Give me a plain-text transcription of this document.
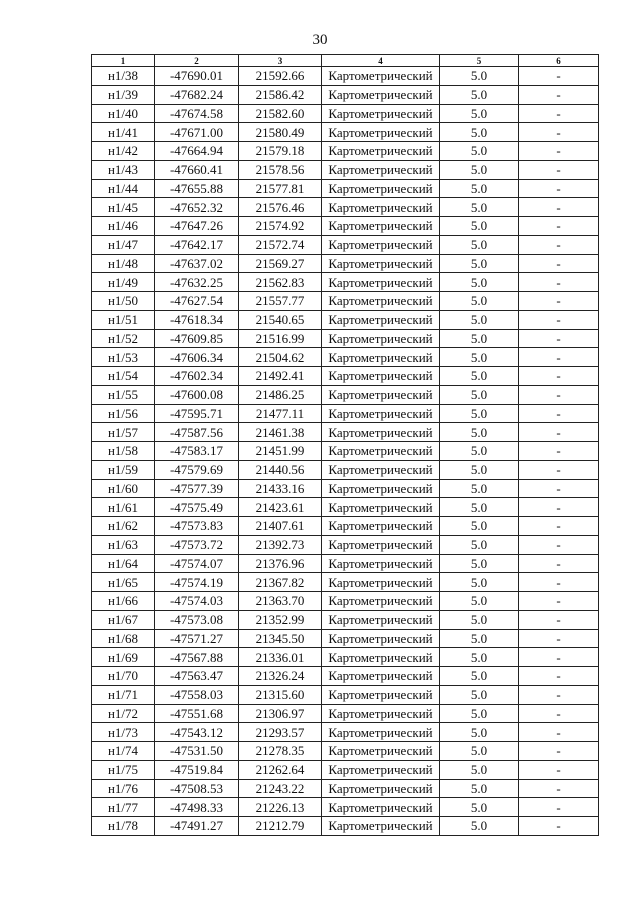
30
1	2	3	4	5	6
н1/38	-47690.01	21592.66	Картометрический	5.0	-
н1/39	-47682.24	21586.42	Картометрический	5.0	-
н1/40	-47674.58	21582.60	Картометрический	5.0	-
н1/41	-47671.00	21580.49	Картометрический	5.0	-
н1/42	-47664.94	21579.18	Картометрический	5.0	-
н1/43	-47660.41	21578.56	Картометрический	5.0	-
н1/44	-47655.88	21577.81	Картометрический	5.0	-
н1/45	-47652.32	21576.46	Картометрический	5.0	-
н1/46	-47647.26	21574.92	Картометрический	5.0	-
н1/47	-47642.17	21572.74	Картометрический	5.0	-
н1/48	-47637.02	21569.27	Картометрический	5.0	-
н1/49	-47632.25	21562.83	Картометрический	5.0	-
н1/50	-47627.54	21557.77	Картометрический	5.0	-
н1/51	-47618.34	21540.65	Картометрический	5.0	-
н1/52	-47609.85	21516.99	Картометрический	5.0	-
н1/53	-47606.34	21504.62	Картометрический	5.0	-
н1/54	-47602.34	21492.41	Картометрический	5.0	-
н1/55	-47600.08	21486.25	Картометрический	5.0	-
н1/56	-47595.71	21477.11	Картометрический	5.0	-
н1/57	-47587.56	21461.38	Картометрический	5.0	-
н1/58	-47583.17	21451.99	Картометрический	5.0	-
н1/59	-47579.69	21440.56	Картометрический	5.0	-
н1/60	-47577.39	21433.16	Картометрический	5.0	-
н1/61	-47575.49	21423.61	Картометрический	5.0	-
н1/62	-47573.83	21407.61	Картометрический	5.0	-
н1/63	-47573.72	21392.73	Картометрический	5.0	-
н1/64	-47574.07	21376.96	Картометрический	5.0	-
н1/65	-47574.19	21367.82	Картометрический	5.0	-
н1/66	-47574.03	21363.70	Картометрический	5.0	-
н1/67	-47573.08	21352.99	Картометрический	5.0	-
н1/68	-47571.27	21345.50	Картометрический	5.0	-
н1/69	-47567.88	21336.01	Картометрический	5.0	-
н1/70	-47563.47	21326.24	Картометрический	5.0	-
н1/71	-47558.03	21315.60	Картометрический	5.0	-
н1/72	-47551.68	21306.97	Картометрический	5.0	-
н1/73	-47543.12	21293.57	Картометрический	5.0	-
н1/74	-47531.50	21278.35	Картометрический	5.0	-
н1/75	-47519.84	21262.64	Картометрический	5.0	-
н1/76	-47508.53	21243.22	Картометрический	5.0	-
н1/77	-47498.33	21226.13	Картометрический	5.0	-
н1/78	-47491.27	21212.79	Картометрический	5.0	-
